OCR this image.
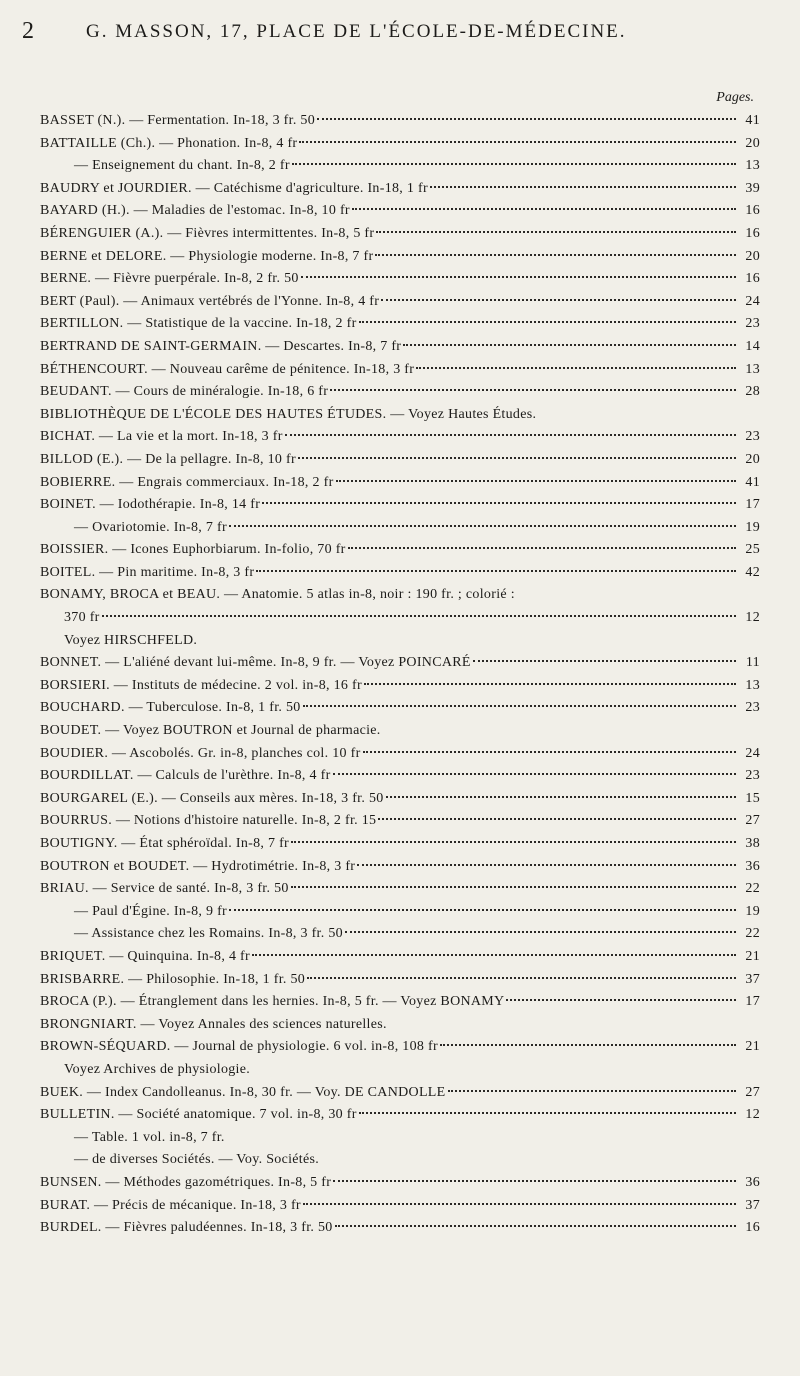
2	G. MASSON, 17, PLACE DE L'ÉCOLE-DE-MÉDECINE.
Pages.
BASSET (N.). — Fermentation. In-18, 3 fr. 50	41
BATTAILLE (Ch.). — Phonation. In-8, 4 fr	20
— Enseignement du chant. In-8, 2 fr	13
BAUDRY et JOURDIER. — Catéchisme d'agriculture. In-18, 1 fr	39
BAYARD (H.). — Maladies de l'estomac. In-8, 10 fr	16
BÉRENGUIER (A.). — Fièvres intermittentes. In-8, 5 fr	16
BERNE et DELORE. — Physiologie moderne. In-8, 7 fr	20
BERNE. — Fièvre puerpérale. In-8, 2 fr. 50	16
BERT (Paul). — Animaux vertébrés de l'Yonne. In-8, 4 fr	24
BERTILLON. — Statistique de la vaccine. In-18, 2 fr	23
BERTRAND DE SAINT-GERMAIN. — Descartes. In-8, 7 fr	14
BÉTHENCOURT. — Nouveau carême de pénitence. In-18, 3 fr	13
BEUDANT. — Cours de minéralogie. In-18, 6 fr	28
BIBLIOTHÈQUE DE L'ÉCOLE DES HAUTES ÉTUDES. — Voyez Hautes Études.
BICHAT. — La vie et la mort. In-18, 3 fr	23
BILLOD (E.). — De la pellagre. In-8, 10 fr	20
BOBIERRE. — Engrais commerciaux. In-18, 2 fr	41
BOINET. — Iodothérapie. In-8, 14 fr	17
— Ovariotomie. In-8, 7 fr	19
BOISSIER. — Icones Euphorbiarum. In-folio, 70 fr	25
BOITEL. — Pin maritime. In-8, 3 fr	42
BONAMY, BROCA et BEAU. — Anatomie. 5 atlas in-8, noir : 190 fr. ; colorié :
370 fr	12
Voyez HIRSCHFELD.
BONNET. — L'aliéné devant lui-même. In-8, 9 fr. — Voyez POINCARÉ	11
BORSIERI. — Instituts de médecine. 2 vol. in-8, 16 fr	13
BOUCHARD. — Tuberculose. In-8, 1 fr. 50	23
BOUDET. — Voyez BOUTRON et Journal de pharmacie.
BOUDIER. — Ascobolés. Gr. in-8, planches col. 10 fr	24
BOURDILLAT. — Calculs de l'urèthre. In-8, 4 fr	23
BOURGAREL (E.). — Conseils aux mères. In-18, 3 fr. 50	15
BOURRUS. — Notions d'histoire naturelle. In-8, 2 fr. 15	27
BOUTIGNY. — État sphéroïdal. In-8, 7 fr	38
BOUTRON et BOUDET. — Hydrotimétrie. In-8, 3 fr	36
BRIAU. — Service de santé. In-8, 3 fr. 50	22
— Paul d'Égine. In-8, 9 fr	19
— Assistance chez les Romains. In-8, 3 fr. 50	22
BRIQUET. — Quinquina. In-8, 4 fr	21
BRISBARRE. — Philosophie. In-18, 1 fr. 50	37
BROCA (P.). — Étranglement dans les hernies. In-8, 5 fr. — Voyez BONAMY	17
BRONGNIART. — Voyez Annales des sciences naturelles.
BROWN-SÉQUARD. — Journal de physiologie. 6 vol. in-8, 108 fr	21
Voyez Archives de physiologie.
BUEK. — Index Candolleanus. In-8, 30 fr. — Voy. DE CANDOLLE	27
BULLETIN. — Société anatomique. 7 vol. in-8, 30 fr	12
— Table. 1 vol. in-8, 7 fr.
— de diverses Sociétés. — Voy. Sociétés.
BUNSEN. — Méthodes gazométriques. In-8, 5 fr	36
BURAT. — Précis de mécanique. In-18, 3 fr	37
BURDEL. — Fièvres paludéennes. In-18, 3 fr. 50	16
